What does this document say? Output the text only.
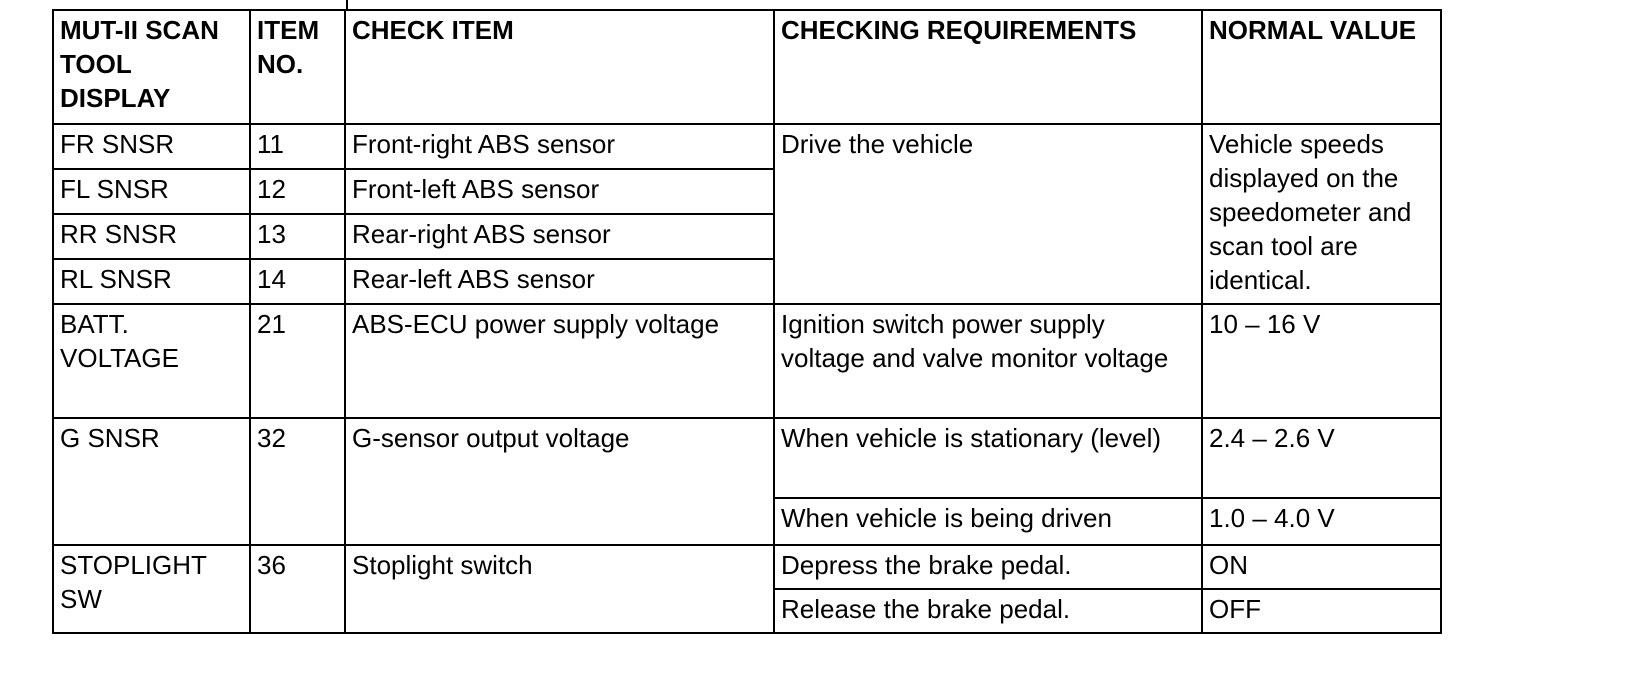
MUT-II SCAN TOOL DISPLAY	ITEM NO.	CHECK ITEM	CHECKING REQUIREMENTS	NORMAL VALUE
FR SNSR	11	Front-right ABS sensor	Drive the vehicle	Vehicle speeds displayed on the speedometer and scan tool are identical.
FL SNSR	12	Front-left ABS sensor		
RR SNSR	13	Rear-right ABS sensor		
RL SNSR	14	Rear-left ABS sensor		
BATT. VOLTAGE	21	ABS-ECU power supply voltage	Ignition switch power supply voltage and valve monitor voltage	10 – 16 V
G SNSR	32	G-sensor output voltage	When vehicle is stationary (level)	2.4 – 2.6 V
			When vehicle is being driven	1.0 – 4.0 V
STOPLIGHT SW	36	Stoplight switch	Depress the brake pedal.	ON
			Release the brake pedal.	OFF
